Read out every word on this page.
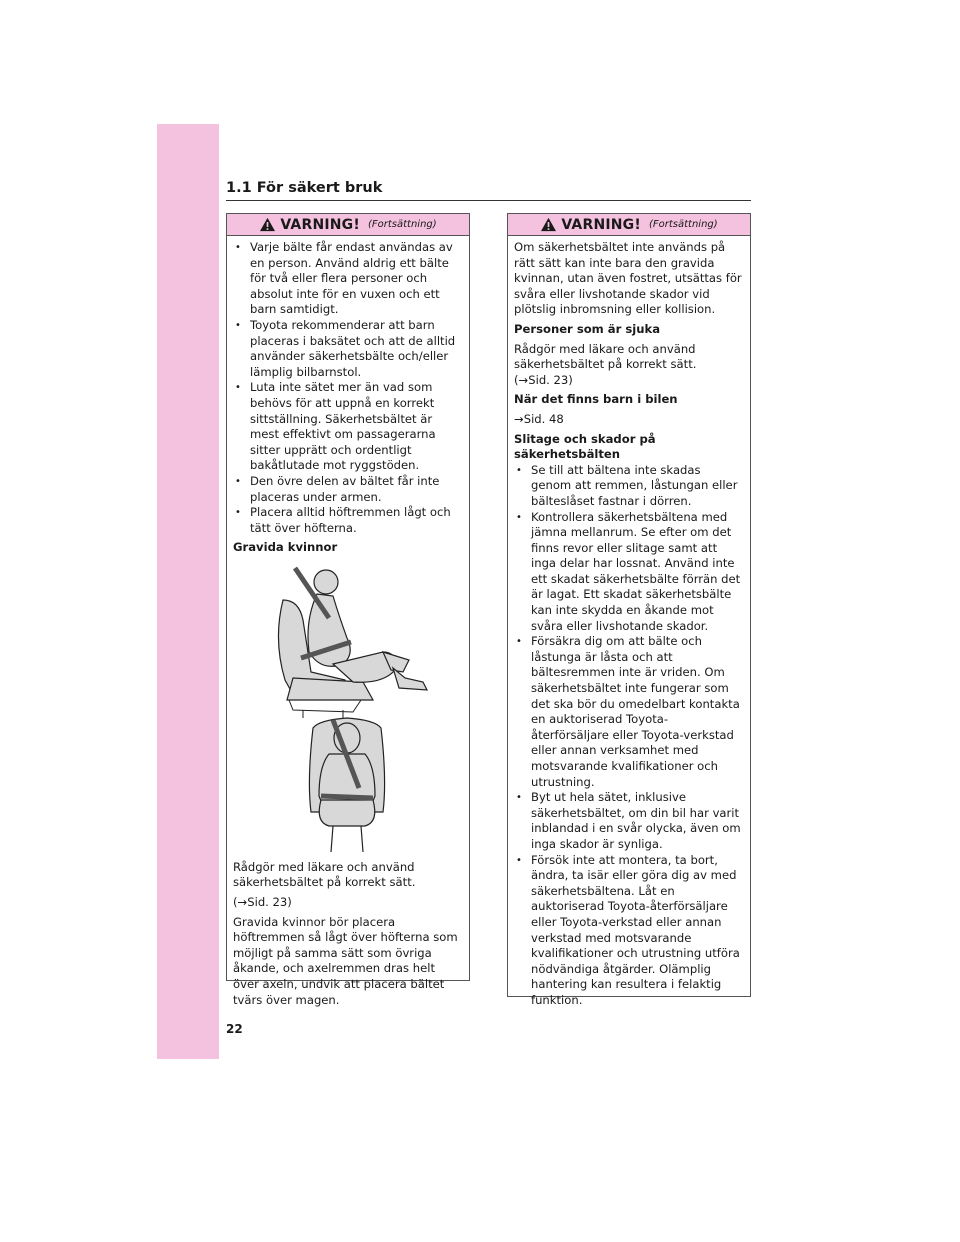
1.1 För säkert bruk
VARNING! (Fortsättning)
• Varje bälte får endast användas av en person. Använd aldrig ett bälte för två eller flera personer och absolut inte för en vuxen och ett barn samtidigt.
• Toyota rekommenderar att barn placeras i baksätet och att de alltid använder säkerhetsbälte och/eller lämplig bilbarnstol.
• Luta inte sätet mer än vad som behövs för att uppnå en korrekt sittställning. Säkerhetsbältet är mest effektivt om passagerarna sitter upprätt och ordentligt bakåtlutade mot ryggstöden.
• Den övre delen av bältet får inte placeras under armen.
• Placera alltid höftremmen lågt och tätt över höfterna.

Gravida kvinnor

Rådgör med läkare och använd säkerhetsbältet på korrekt sätt.

(→Sid. 23)

Gravida kvinnor bör placera höftremmen så lågt över höfterna som möjligt på samma sätt som övriga åkande, och axelremmen dras helt över axeln, undvik att placera bältet tvärs över magen.

VARNING! (Fortsättning)

Om säkerhetsbältet inte används på rätt sätt kan inte bara den gravida kvinnan, utan även fostret, utsättas för svåra eller livshotande skador vid plötslig inbromsning eller kollision.

Personer som är sjuka

Rådgör med läkare och använd säkerhetsbältet på korrekt sätt.

(→Sid. 23)

När det finns barn i bilen

→Sid. 48

Slitage och skador på säkerhetsbälten

• Se till att bältena inte skadas genom att remmen, låstungan eller bälteslåset fastnar i dörren.
• Kontrollera säkerhetsbältena med jämna mellanrum. Se efter om det finns revor eller slitage samt att inga delar har lossnat. Använd inte ett skadat säkerhetsbälte förrän det är lagat. Ett skadat säkerhetsbälte kan inte skydda en åkande mot svåra eller livshotande skador.
• Försäkra dig om att bälte och låstunga är låsta och att bältesremmen inte är vriden. Om säkerhetsbältet inte fungerar som det ska bör du omedelbart kontakta en auktoriserad Toyota-återförsäljare eller Toyota-verkstad eller annan verksamhet med motsvarande kvalifikationer och utrustning.
• Byt ut hela sätet, inklusive säkerhetsbältet, om din bil har varit inblandad i en svår olycka, även om inga skador är synliga.
• Försök inte att montera, ta bort, ändra, ta isär eller göra dig av med säkerhetsbältena. Låt en auktoriserad Toyota-återförsäljare eller Toyota-verkstad eller annan verkstad med motsvarande kvalifikationer och utrustning utföra nödvändiga åtgärder. Olämplig hantering kan resultera i felaktig funktion.
22
